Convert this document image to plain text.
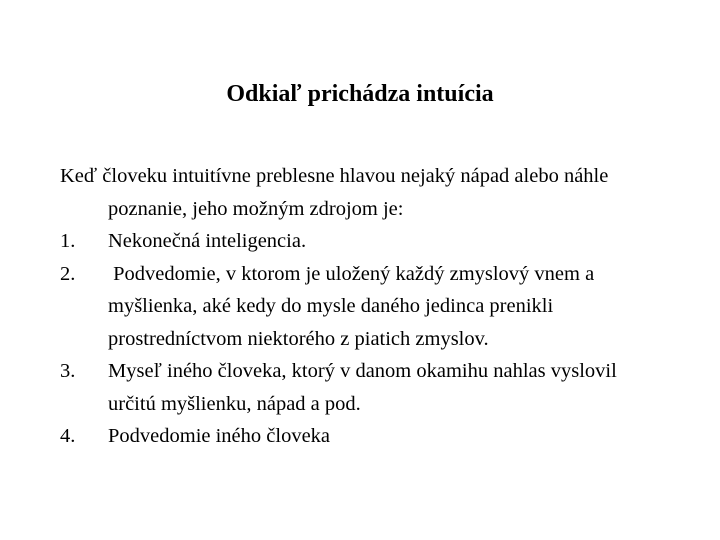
Odkiaľ prichádza intuícia

Keď človeku intuitívne preblesne hlavou nejaký nápad alebo náhle poznanie, jeho možným zdrojom je:

1.	Nekonečná inteligencia.
2.	Podvedomie, v ktorom je uložený každý zmyslový vnem a myšlienka, aké kedy do mysle daného jedinca prenikli prostredníctvom niektorého z piatich zmyslov.
3.	Myseľ iného človeka, ktorý v danom okamihu nahlas vyslovil určitú myšlienku, nápad a pod.
4.	Podvedomie iného človeka
